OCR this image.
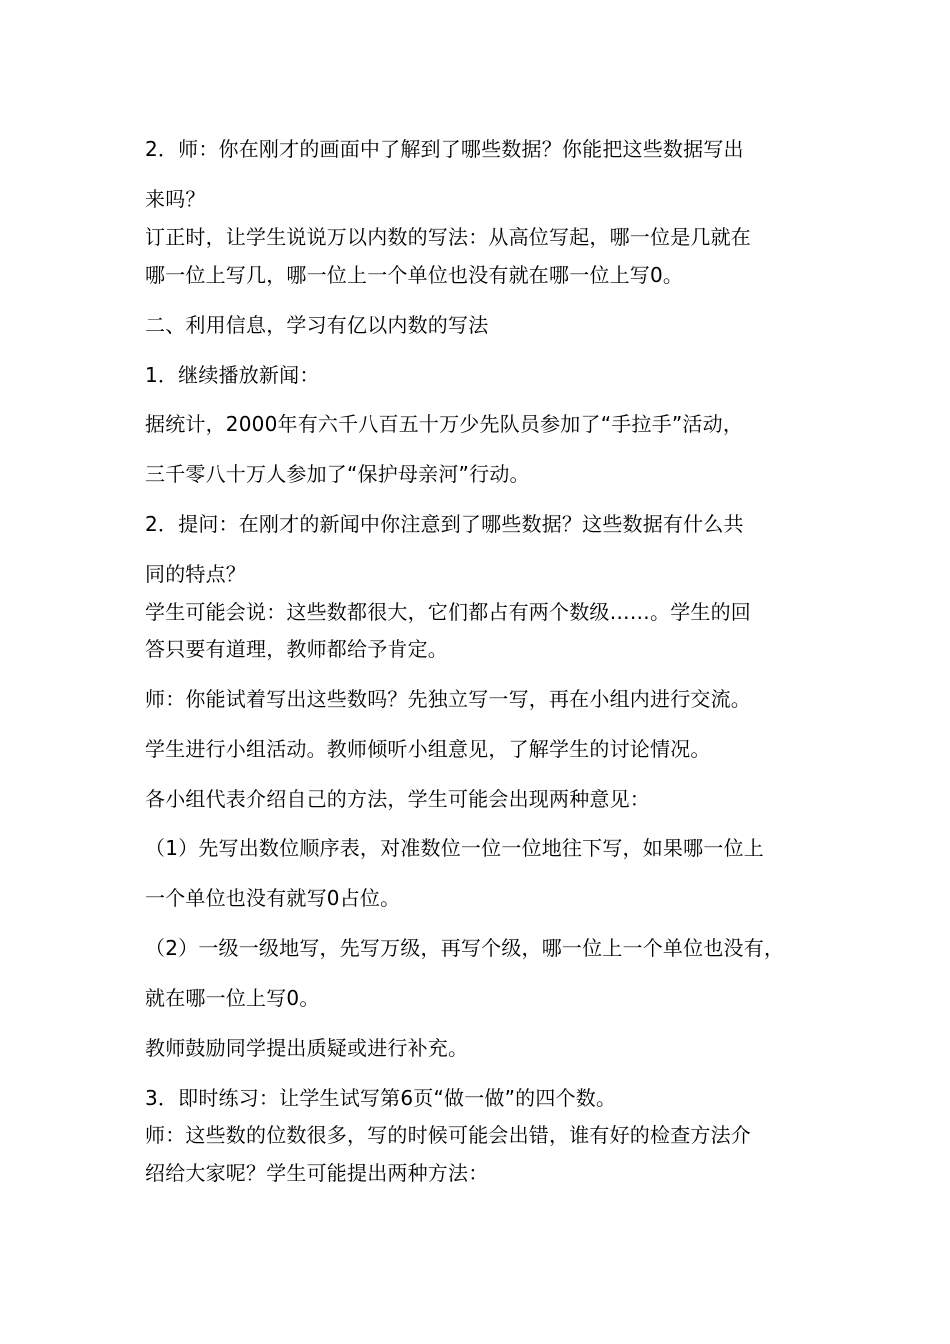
2．师：你在刚才的画面中了解到了哪些数据？你能把这些数据写出
来吗？
订正时，让学生说说万以内数的写法：从高位写起，哪一位是几就在
哪一位上写几，哪一位上一个单位也没有就在哪一位上写0。
二、利用信息，学习有亿以内数的写法
1．继续播放新闻：
据统计，2000年有六千八百五十万少先队员参加了“手拉手”活动，
三千零八十万人参加了“保护母亲河”行动。
2．提问：在刚才的新闻中你注意到了哪些数据？这些数据有什么共
同的特点？
学生可能会说：这些数都很大，它们都占有两个数级……。学生的回
答只要有道理，教师都给予肯定。
师：你能试着写出这些数吗？先独立写一写，再在小组内进行交流。
学生进行小组活动。教师倾听小组意见，了解学生的讨论情况。
各小组代表介绍自己的方法，学生可能会出现两种意见：
（1）先写出数位顺序表，对准数位一位一位地往下写，如果哪一位上
一个单位也没有就写0占位。
（2）一级一级地写，先写万级，再写个级，哪一位上一个单位也没有，
就在哪一位上写0。
教师鼓励同学提出质疑或进行补充。
3．即时练习：让学生试写第6页“做一做”的四个数。
师：这些数的位数很多，写的时候可能会出错，谁有好的检查方法介
绍给大家呢？学生可能提出两种方法：
